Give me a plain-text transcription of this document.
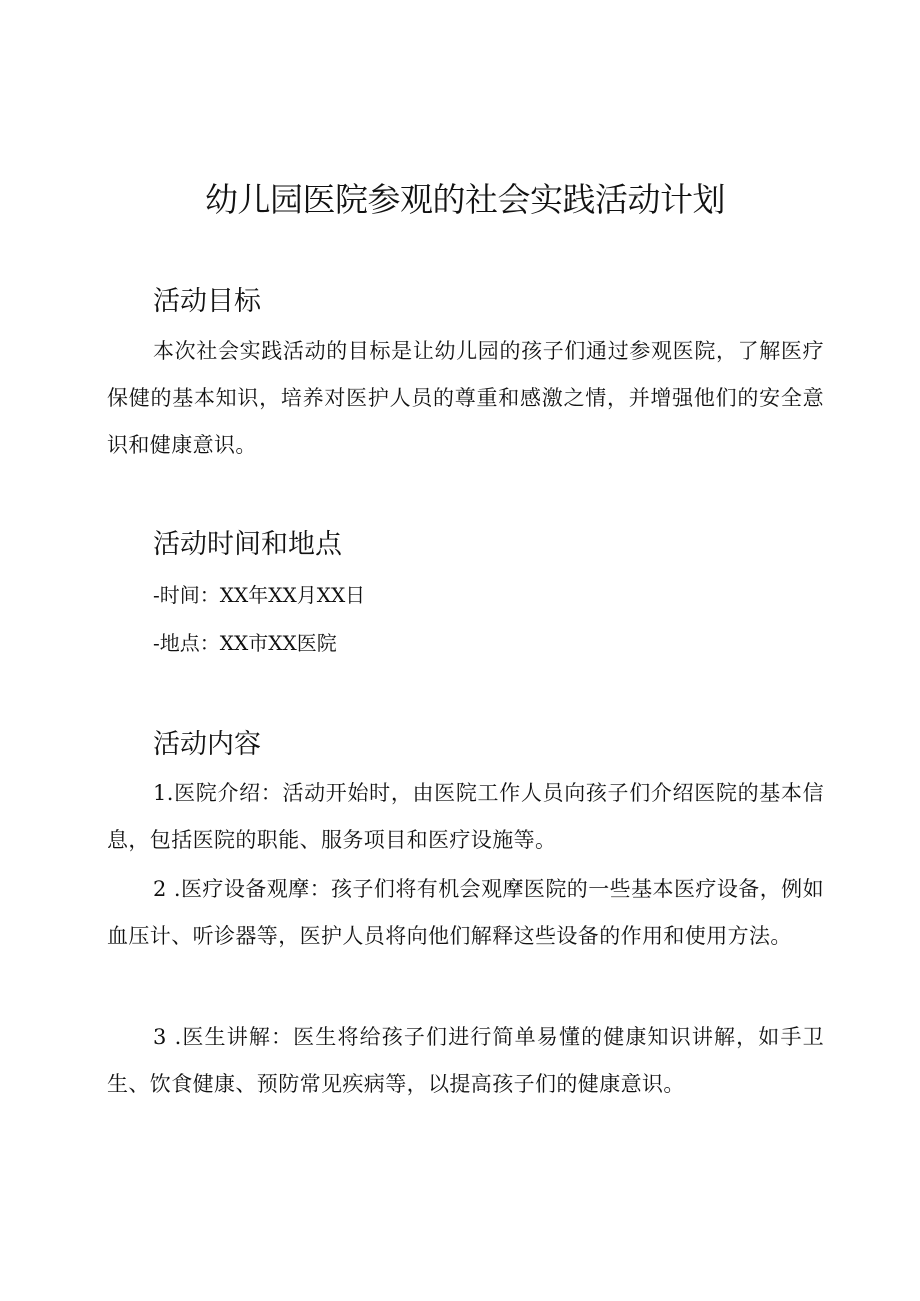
幼儿园医院参观的社会实践活动计划
活动目标

本次社会实践活动的目标是让幼儿园的孩子们通过参观医院，了解医疗保健的基本知识，培养对医护人员的尊重和感激之情，并增强他们的安全意识和健康意识。

活动时间和地点

-时间：XX年XX月XX日

-地点：XX市XX医院

活动内容

1.医院介绍：活动开始时，由医院工作人员向孩子们介绍医院的基本信息，包括医院的职能、服务项目和医疗设施等。

2 .医疗设备观摩：孩子们将有机会观摩医院的一些基本医疗设备，例如血压计、听诊器等，医护人员将向他们解释这些设备的作用和使用方法。

3 .医生讲解：医生将给孩子们进行简单易懂的健康知识讲解，如手卫生、饮食健康、预防常见疾病等，以提高孩子们的健康意识。
